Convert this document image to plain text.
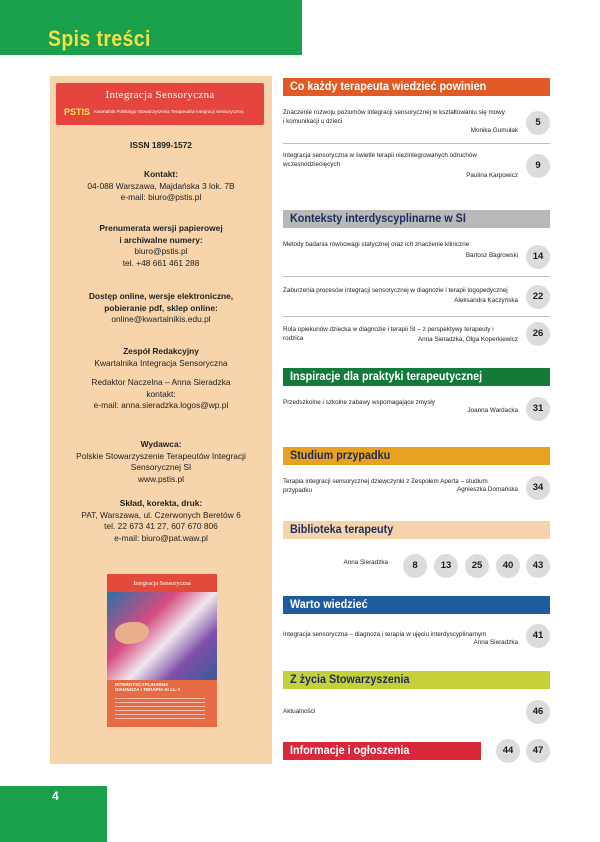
Spis treści
Integracja Sensoryczna
PSTIS Kwartalnik Polskiego Stowarzyszenia Terapeutów Integracji Sensorycznej
ISSN 1899-1572
Kontakt:
04-088 Warszawa, Majdańska 3 lok. 7B
e-mail: biuro@pstis.pl
Prenumerata wersji papierowej
i archiwalne numery:
biuro@pstis.pl
tel. +48 661 461 288
Dostęp online, wersje elektroniczne,
pobieranie pdf, sklep online:
online@kwartalnikis.edu.pl
Zespół Redakcyjny
Kwartalnika Integracja Sensoryczna
Redaktor Naczelna – Anna Sieradzka
kontakt:
e-mail: anna.sieradzka.logos@wp.pl
Wydawca:
Polskie Stowarzyszenie Terapeutów Integracji Sensorycznej SI
www.pstis.pl
Skład, korekta, druk:
PAT, Warszawa, ul. Czerwonych Beretów 6
tel. 22 673 41 27, 607 670 806
e-mail: biuro@pat.waw.pl
Integracja Sensoryczna
INTERDYSCYPLINARNA
DIAGNOZA I TERAPIA SI cz. II
Co każdy terapeuta wiedzieć powinien
Znaczenie rozwoju poziomów integracji sensorycznej w kształtowaniu się mowy i komunikacji u dzieci
Monika Gumułak
5
Integracja sensoryczna w świetle terapii niezintegrowanych odruchów wczesnodziecięcych
Paulina Karpowicz
9
Konteksty interdyscyplinarne w SI
Metody badania równowagi statycznej oraz ich znaczenie kliniczne
Bartosz Bagrowski	14
Zaburzenia procesów integracji sensorycznej w diagnozie i terapii logopedycznej
Aleksandra Kaczyńska	22
Rola opiekunów dziecka w diagnozie i terapii SI – z perspektywy terapeuty i rodzica	Anna Sieradzka, Olga Koperkiewicz
26
Inspiracje dla praktyki terapeutycznej
Przedszkolne i szkolne zabawy wspomagające zmysły
Joanna Wardacka	31
Studium przypadku
Terapia integracji sensorycznej dziewczynki z Zespołem Aperta – studium przypadku	Agnieszka Domańska	34
Biblioteka terapeuty
Anna Sieradzka	8	13	25	40	43
Warto wiedzieć
Integracja sensoryczna – diagnoza i terapia w ujęciu interdyscyplinarnym
Anna Sieradzka
41
Z życia Stowarzyszenia
Aktualności	46
Informacje i ogłoszenia	44	47
4
